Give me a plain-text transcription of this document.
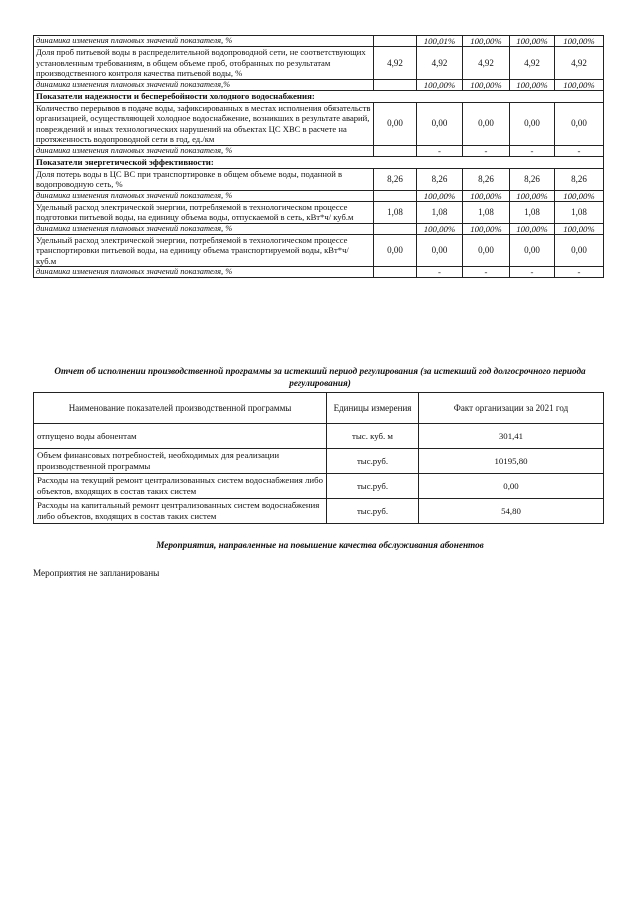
динамика изменения плановых значений показателя, %		100,01%	100,00%	100,00%	100,00%
Доля проб питьевой воды в распределительной водопроводной сети, не соответствующих установленным требованиям, в общем объеме проб, отобранных по результатам производственного контроля качества питьевой воды, %	4,92	4,92	4,92	4,92	4,92
динамика изменения плановых значений показателя,%		100,00%	100,00%	100,00%	100,00%
Показатели надежности и бесперебойности холодного водоснабжения:					
Количество перерывов в подаче воды, зафиксированных в местах исполнения обязательств организацией, осуществляющей холодное водоснабжение, возникших в результате аварий, повреждений и иных технологических нарушений на объектах ЦС ХВС в расчете на протяженность водопроводной сети в год, ед./км	0,00	0,00	0,00	0,00	0,00
динамика изменения плановых значений показателя, %		-	-	-	-
Показатели энергетической эффективности:					
Доля потерь воды в ЦС ВС при транспортировке в общем объеме воды, поданной в водопроводную сеть, %	8,26	8,26	8,26	8,26	8,26
динамика изменения плановых значений показателя, %		100,00%	100,00%	100,00%	100,00%
Удельный расход электрической энергии, потребляемой в технологическом процессе подготовки питьевой воды, на единицу объема воды, отпускаемой в сеть, кВт*ч/ куб.м	1,08	1,08	1,08	1,08	1,08
динамика изменения плановых значений показателя, %		100,00%	100,00%	100,00%	100,00%
Удельный расход электрической энергии, потребляемой в технологическом процессе транспортировки питьевой воды, на единицу объема транспортируемой воды, кВт*ч/ куб.м	0,00	0,00	0,00	0,00	0,00
динамика изменения плановых значений показателя, %		-	-	-	-
Отчет об исполнении производственной программы за истекший период регулирования (за истекший год долгосрочного периода регулирования)
Наименование показателей производственной программы	Единицы измерения	Факт организации за 2021 год
отпущено воды абонентам	тыс. куб. м	301,41
Объем финансовых потребностей, необходимых для реализации производственной программы	тыс.руб.	10195,80
Расходы на текущий ремонт централизованных систем водоснабжения либо объектов, входящих в состав таких систем	тыс.руб.	0,00
Расходы на капитальный ремонт централизованных систем водоснабжения либо объектов, входящих в состав таких систем	тыс.руб.	54,80
Мероприятия, направленные на повышение качества обслуживания абонентов
Мероприятия не запланированы
